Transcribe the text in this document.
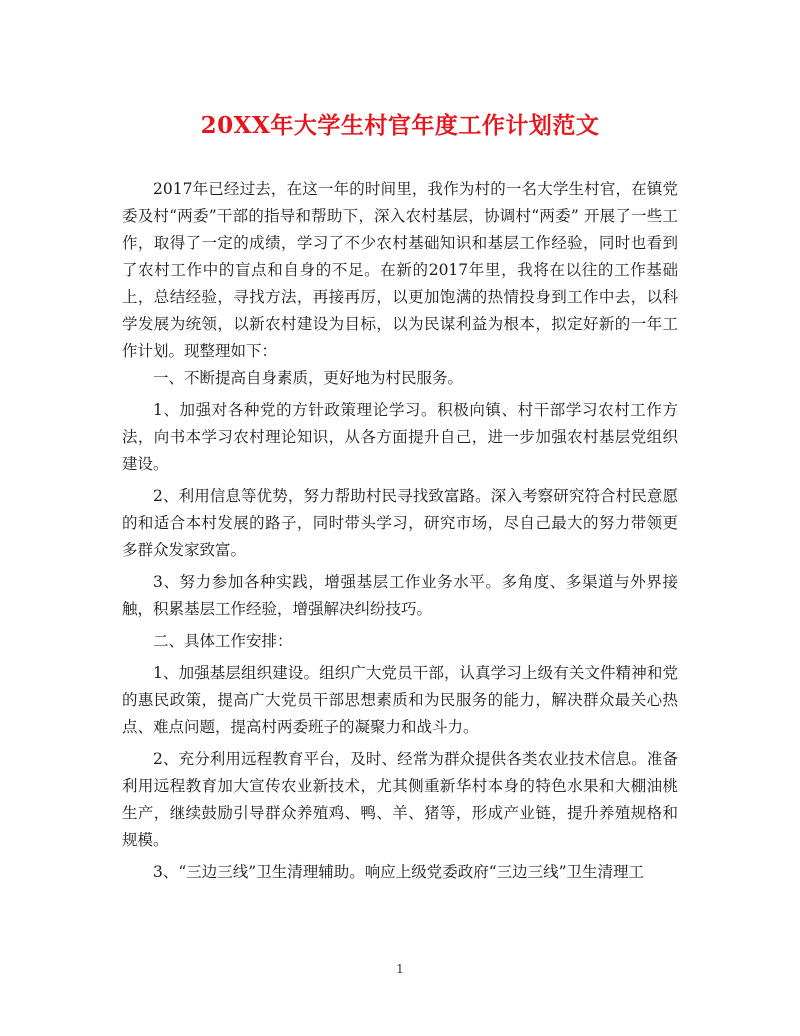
20XX年大学生村官年度工作计划范文

2017年已经过去，在这一年的时间里，我作为村的一名大学生村官，在镇党委及村“两委”干部的指导和帮助下，深入农村基层，协调村“两委” 开展了一些工作，取得了一定的成绩，学习了不少农村基础知识和基层工作经验，同时也看到了农村工作中的盲点和自身的不足。在新的2017年里，我将在以往的工作基础上，总结经验，寻找方法，再接再厉，以更加饱满的热情投身到工作中去，以科学发展为统领，以新农村建设为目标，以为民谋利益为根本，拟定好新的一年工作计划。现整理如下：

一、不断提高自身素质，更好地为村民服务。

1、加强对各种党的方针政策理论学习。积极向镇、村干部学习农村工作方法，向书本学习农村理论知识，从各方面提升自己，进一步加强农村基层党组织建设。

2、利用信息等优势，努力帮助村民寻找致富路。深入考察研究符合村民意愿的和适合本村发展的路子，同时带头学习，研究市场，尽自己最大的努力带领更多群众发家致富。

3、努力参加各种实践，增强基层工作业务水平。多角度、多渠道与外界接触，积累基层工作经验，增强解决纠纷技巧。

二、具体工作安排：

1、加强基层组织建设。组织广大党员干部，认真学习上级有关文件精神和党的惠民政策，提高广大党员干部思想素质和为民服务的能力，解决群众最关心热点、难点问题，提高村两委班子的凝聚力和战斗力。

2、充分利用远程教育平台，及时、经常为群众提供各类农业技术信息。准备利用远程教育加大宣传农业新技术，尤其侧重新华村本身的特色水果和大棚油桃生产，继续鼓励引导群众养殖鸡、鸭、羊、猪等，形成产业链，提升养殖规格和规模。

3、“三边三线”卫生清理辅助。响应上级党委政府“三边三线”卫生清理工

1
